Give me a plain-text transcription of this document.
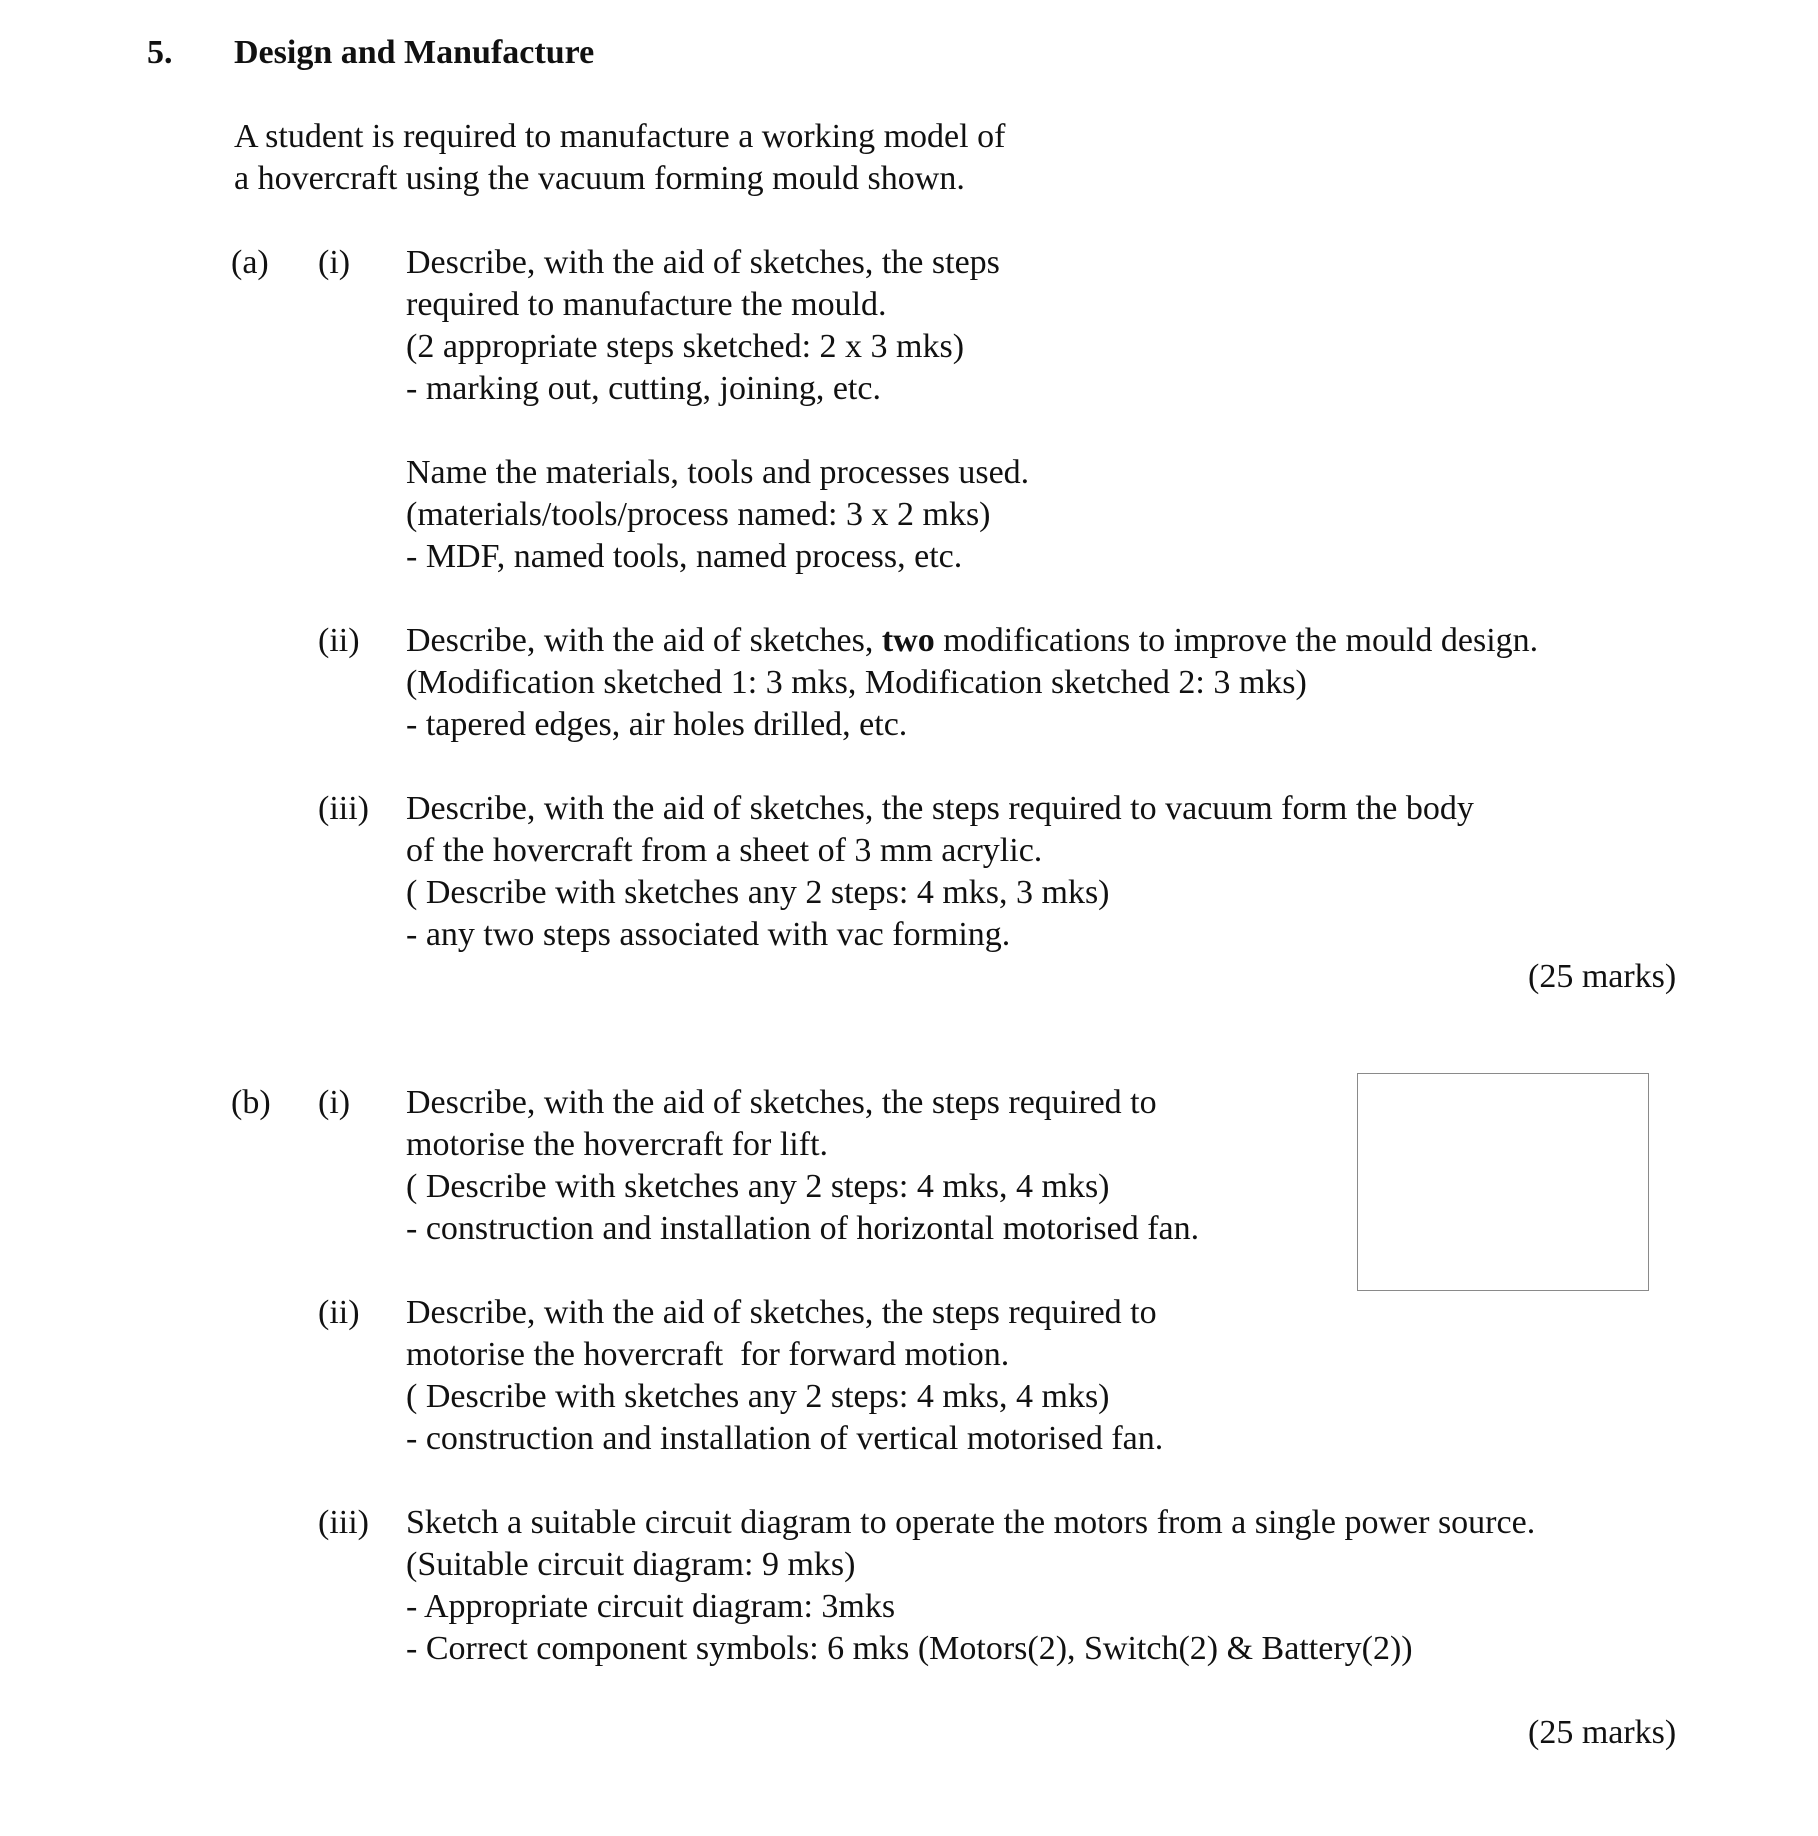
5. Design and Manufacture
A student is required to manufacture a working model of
a hovercraft using the vacuum forming mould shown.
(a) (i) Describe, with the aid of sketches, the steps
required to manufacture the mould.
(2 appropriate steps sketched: 2 x 3 mks)
- marking out, cutting, joining, etc.
Name the materials, tools and processes used.
(materials/tools/process named: 3 x 2 mks)
- MDF, named tools, named process, etc.
(ii) Describe, with the aid of sketches, two modifications to improve the mould design.
(Modification sketched 1: 3 mks, Modification sketched 2: 3 mks)
- tapered edges, air holes drilled, etc.
(iii) Describe, with the aid of sketches, the steps required to vacuum form the body
of the hovercraft from a sheet of 3 mm acrylic.
( Describe with sketches any 2 steps: 4 mks, 3 mks)
- any two steps associated with vac forming.
(25 marks)
(b) (i) Describe, with the aid of sketches, the steps required to
motorise the hovercraft for lift.
( Describe with sketches any 2 steps: 4 mks, 4 mks)
- construction and installation of horizontal motorised fan.
(ii) Describe, with the aid of sketches, the steps required to
motorise the hovercraft  for forward motion.
( Describe with sketches any 2 steps: 4 mks, 4 mks)
- construction and installation of vertical motorised fan.
(iii) Sketch a suitable circuit diagram to operate the motors from a single power source.
(Suitable circuit diagram: 9 mks)
- Appropriate circuit diagram: 3mks
- Correct component symbols: 6 mks (Motors(2), Switch(2) & Battery(2))
(25 marks)
